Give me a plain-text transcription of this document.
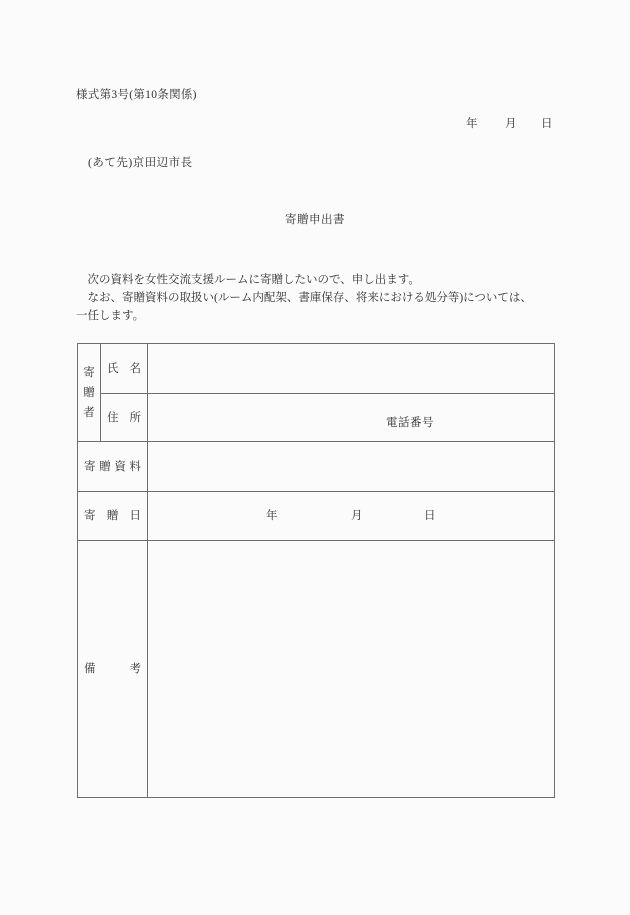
様式第3号(第10条関係)
年 月 日
(あて先)京田辺市長
寄贈申出書
　次の資料を女性交流支援ルームに寄贈したいので、申し出ます。
　なお、寄贈資料の取扱い(ルーム内配架、書庫保存、将来における処分等)については、
一任します。
寄
贈
者
氏 名
住 所	電話番号
寄 贈 資 料
寄 贈 日	年	月	日
備	考
